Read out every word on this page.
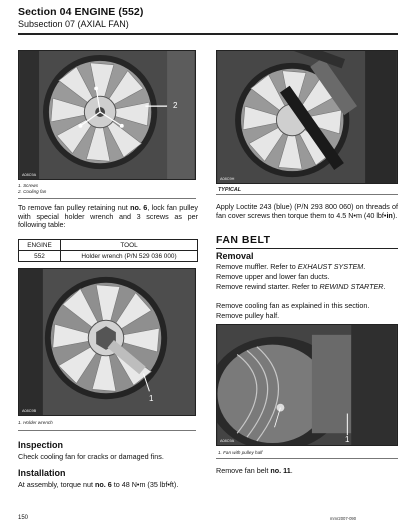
Section 04 ENGINE (552)
Subsection 07 (AXIAL FAN)
A08C9A
2
1. Screws
2. Cooling fan
To remove fan pulley retaining nut no. 6, lock fan pulley with special holder wrench and 3 screws as per following table:
ENGINE	TOOL
552	Holder wrench (P/N 529 036 000)
A08C9B
1
1. Holder wrench
Inspection
Check cooling fan for cracks or damaged fins.
Installation
At assembly, torque nut no. 6 to 48 N•m (35 lbf•ft).
A08C9H
TYPICAL
Apply Loctite 243 (blue) (P/N 293 800 060) on threads of fan cover screws then torque them to 4.5 N•m (40 lbf•in).
FAN BELT
Removal
Remove muffler. Refer to EXHAUST SYSTEM.
Remove upper and lower fan ducts.
Remove rewind starter. Refer to REWIND STARTER.
Remove cooling fan as explained in this section.
Remove pulley half.
A08C9A	1
1. Fan with pulley half
Remove fan belt no. 11.
150	mmr2007-090
